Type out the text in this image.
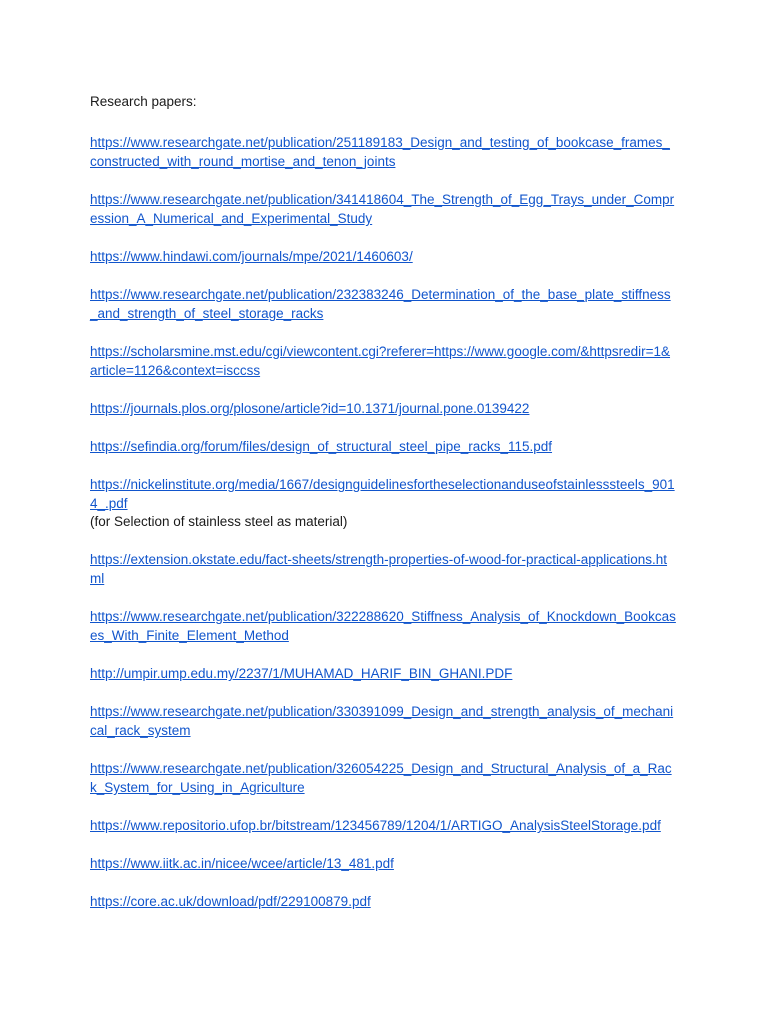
Research papers:
https://www.researchgate.net/publication/251189183_Design_and_testing_of_bookcase_frames_constructed_with_round_mortise_and_tenon_joints
https://www.researchgate.net/publication/341418604_The_Strength_of_Egg_Trays_under_Compression_A_Numerical_and_Experimental_Study
https://www.hindawi.com/journals/mpe/2021/1460603/
https://www.researchgate.net/publication/232383246_Determination_of_the_base_plate_stiffness_and_strength_of_steel_storage_racks
https://scholarsmine.mst.edu/cgi/viewcontent.cgi?referer=https://www.google.com/&httpsredir=1&article=1126&context=isccss
https://journals.plos.org/plosone/article?id=10.1371/journal.pone.0139422
https://sefindia.org/forum/files/design_of_structural_steel_pipe_racks_115.pdf
https://nickelinstitute.org/media/1667/designguidelinesfortheselectionanduseofstainlesssteels_9014_.pdf
(for Selection of stainless steel as material)
https://extension.okstate.edu/fact-sheets/strength-properties-of-wood-for-practical-applications.html
https://www.researchgate.net/publication/322288620_Stiffness_Analysis_of_Knockdown_Bookcases_With_Finite_Element_Method
http://umpir.ump.edu.my/2237/1/MUHAMAD_HARIF_BIN_GHANI.PDF
https://www.researchgate.net/publication/330391099_Design_and_strength_analysis_of_mechanical_rack_system
https://www.researchgate.net/publication/326054225_Design_and_Structural_Analysis_of_a_Rack_System_for_Using_in_Agriculture
https://www.repositorio.ufop.br/bitstream/123456789/1204/1/ARTIGO_AnalysisSteelStorage.pdf
https://www.iitk.ac.in/nicee/wcee/article/13_481.pdf
https://core.ac.uk/download/pdf/229100879.pdf
